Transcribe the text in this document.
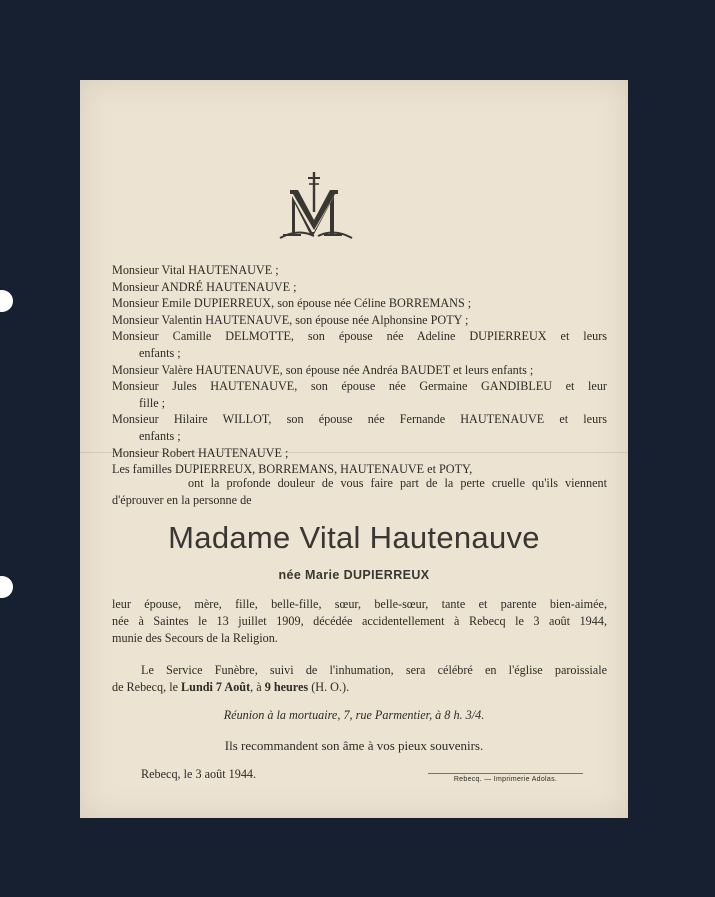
M
Monsieur Vital HAUTENAUVE ;
Monsieur ANDRÉ HAUTENAUVE ;
Monsieur Emile DUPIERREUX, son épouse née Céline BORREMANS ;
Monsieur Valentin HAUTENAUVE, son épouse née Alphonsine POTY ;
Monsieur Camille DELMOTTE, son épouse née Adeline DUPIERREUX et leurs
enfants ;
Monsieur Valère HAUTENAUVE, son épouse née Andréa BAUDET et leurs enfants ;
Monsieur Jules HAUTENAUVE, son épouse née Germaine GANDIBLEU et leur
fille ;
Monsieur Hilaire WILLOT, son épouse née Fernande HAUTENAUVE et leurs
enfants ;
Monsieur Robert HAUTENAUVE ;
Les familles DUPIERREUX, BORREMANS, HAUTENAUVE et POTY,
ont la profonde douleur de vous faire part de la perte cruelle qu'ils viennent
d'éprouver en la personne de
Madame Vital Hautenauve
née Marie DUPIERREUX
leur épouse, mère, fille, belle-fille, sœur, belle-sœur, tante et parente bien-aimée,
née à Saintes le 13 juillet 1909, décédée accidentellement à Rebecq le 3 août 1944,
munie des Secours de la Religion.
Le Service Funèbre, suivi de l'inhumation, sera célébré en l'église paroissiale
de Rebecq, le Lundi 7 Août, à 9 heures (H. O.).
Réunion à la mortuaire, 7, rue Parmentier, à 8 h. 3/4.
Ils recommandent son âme à vos pieux souvenirs.
Rebecq, le 3 août 1944.	Rebecq. — Imprimerie Adolas.
